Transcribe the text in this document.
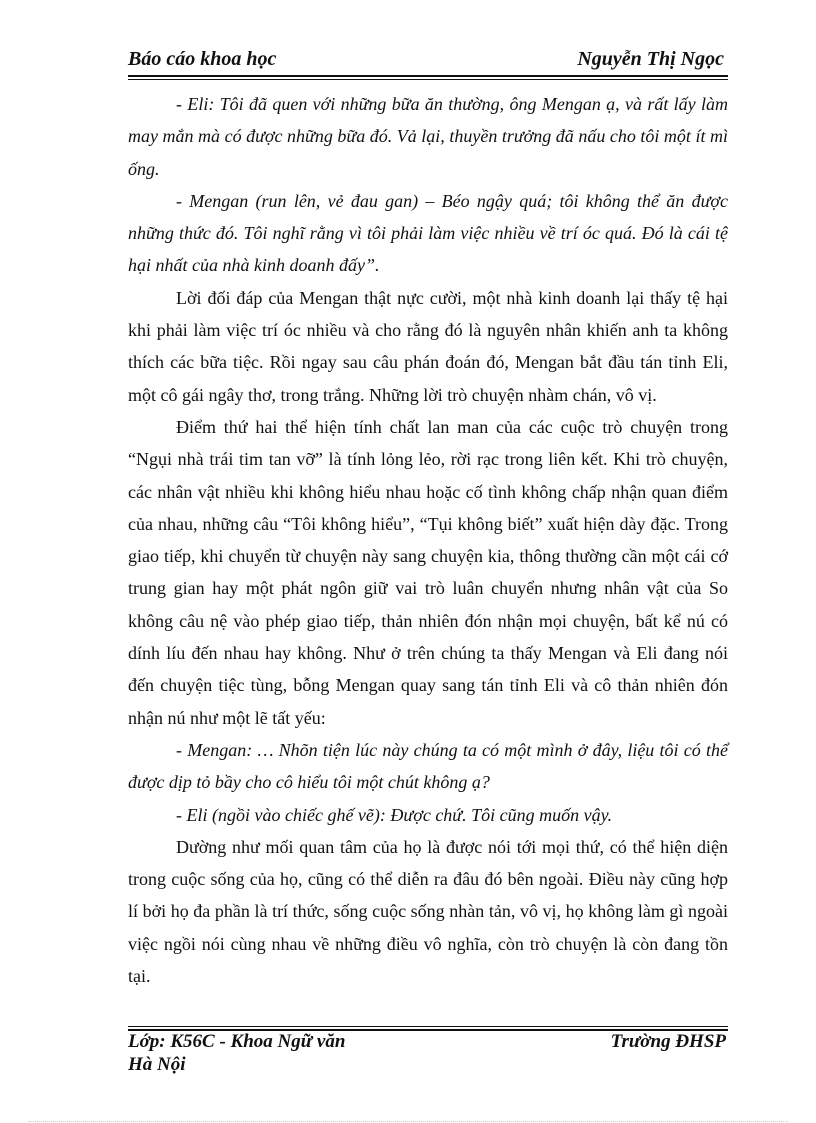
Báo cáo khoa học	Nguyễn Thị Ngọc

- Eli: Tôi đã quen với những bữa ăn thường, ông Mengan ạ, và rất lấy làm may mắn mà có được những bữa đó. Vả lại, thuyền trưởng đã nấu cho tôi một ít mì ống.

- Mengan (run lên, vẻ đau gan) – Béo ngậy quá; tôi không thể ăn được những thức đó. Tôi nghĩ rằng vì tôi phải làm việc nhiều về trí óc quá. Đó là cái tệ hại nhất của nhà kinh doanh đấy”.

Lời đối đáp của Mengan thật nực cười, một nhà kinh doanh lại thấy tệ hại khi phải làm việc trí óc nhiều và cho rằng đó là nguyên nhân khiến anh ta không thích các bữa tiệc. Rồi ngay sau câu phán đoán đó, Mengan bắt đầu tán tỉnh Eli, một cô gái ngây thơ, trong trắng. Những lời trò chuyện nhàm chán, vô vị.

Điểm thứ hai thể hiện tính chất lan man của các cuộc trò chuyện trong “Ngụi nhà trái tim tan vỡ” là tính lỏng lẻo, rời rạc trong liên kết. Khi trò chuyện, các nhân vật nhiều khi không hiểu nhau hoặc cố tình không chấp nhận quan điểm của nhau, những câu “Tôi không hiểu”, “Tụi không biết” xuất hiện dày đặc. Trong giao tiếp, khi chuyển từ chuyện này sang chuyện kia, thông thường cần một cái cớ trung gian hay một phát ngôn giữ vai trò luân chuyển nhưng nhân vật của So không câu nệ vào phép giao tiếp, thản nhiên đón nhận mọi chuyện, bất kể nú có dính líu đến nhau hay không. Như ở trên chúng ta thấy Mengan và Eli đang nói đến chuyện tiệc tùng, bỗng Mengan quay sang tán tỉnh Eli và cô thản nhiên đón nhận nú như một lẽ tất yếu:

- Mengan: … Nhõn tiện lúc này chúng ta có một mình ở đây, liệu tôi có thể được dịp tỏ bầy cho cô hiểu tôi một chút không ạ?

- Eli (ngồi vào chiếc ghế vẽ): Được chứ. Tôi cũng muốn vậy.

Dường như mối quan tâm của họ là được nói tới mọi thứ, có thể hiện diện trong cuộc sống của họ, cũng có thể diễn ra đâu đó bên ngoài. Điều này cũng hợp lí bởi họ đa phần là trí thức, sống cuộc sống nhàn tản, vô vị, họ không làm gì ngoài việc ngồi nói cùng nhau về những điều vô nghĩa, còn trò chuyện là còn đang tồn tại.

Lớp: K56C - Khoa Ngữ văn
Hà Nội
Trường ĐHSP
